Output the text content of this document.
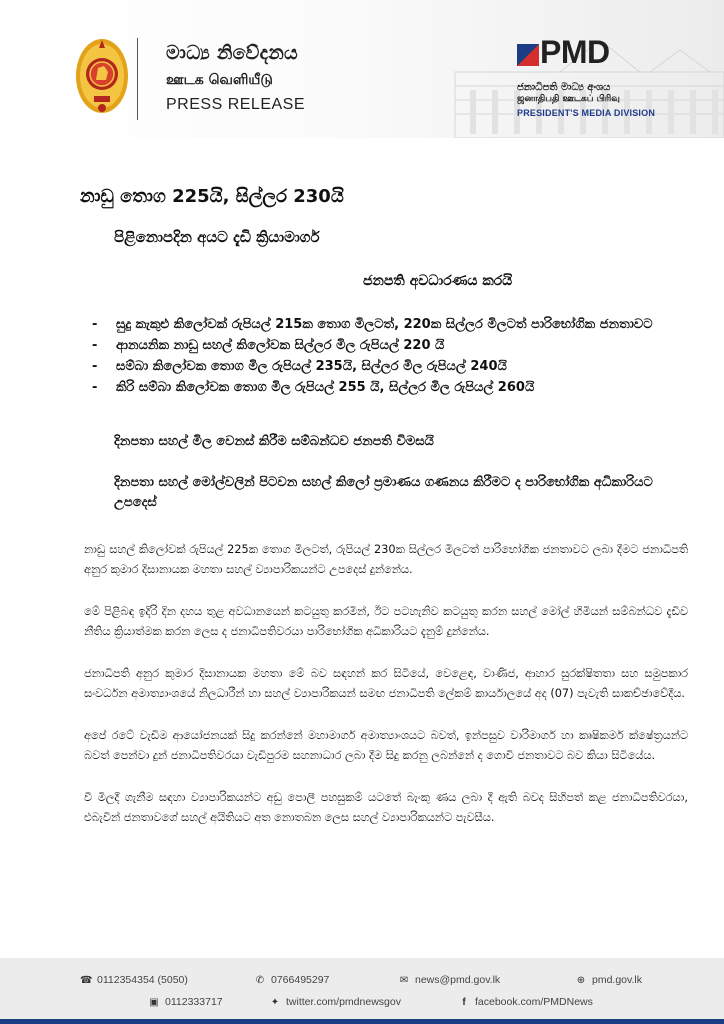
මාධ්‍ය නිවේදනය
ஊடக வெளியீடு
PRESS RELEASE
PMD
ජනාධිපති මාධ්‍ය අංශය
ஜனாதிபதி ஊடகப் பிரிவு
PRESIDENT'S MEDIA DIVISION
නාඩු තොග 225යි, සිල්ලර 230යි
පිළිනොපදින අයට දැඩි ක්‍රියාමාර්ග
ජනපති අවධාරණය කරයි
- සුදු කැකුළු කිලෝවක් රුපියල් 215ක තොග මිලටත්, 220ක සිල්ලර මිලටත් පාරිභෝගික ජනතාවට
- ආනයනික නාඩු සහල් කිලෝවක සිල්ලර මිල රුපියල් 220 යි
- සම්බා කිලෝවක තොග මිල රුපියල් 235යි, සිල්ලර මිල රුපියල් 240යි
- කිරි සම්බා කිලෝවක තොග මිල රුපියල් 255 යි, සිල්ලර මිල රුපියල් 260යි
දිනපතා සහල් මිල වෙනස් කිරීම සම්බන්ධව ජනපති විමසයි
දිනපතා සහල් මෝල්වලින් පිටවන සහල් කිලෝ ප්‍රමාණය ගණනය කිරීමට ද පාරිභෝගික අධිකාරියට උපදෙස්

නාඩු සහල් කිලෝවක් රුපියල් 225ක තොග මිලටත්, රුපියල් 230ක සිල්ලර මිලටත් පාරිභෝගික ජනතාවට ලබා දීමට ජනාධිපති අනුර කුමාර දිසානායක මහතා සහල් ව්‍යාපාරිකයන්ට උපදෙස් දුන්නේය.

මේ පිළිබඳ ඉදිරි දින දහය තුළ අවධානයෙන් කටයුතු කරමින්, ඊට පටහැනිව කටයුතු කරන සහල් මෝල් හිමියන් සම්බන්ධව දැඩිව නීතිය ක්‍රියාත්මක කරන ලෙස ද ජනාධිපතිවරයා පාරිභෝගික අධිකාරියට දැනුම් දුන්නේය.

ජනාධිපති අනුර කුමාර දිසානායක මහතා මේ බව සඳහන් කර සිටියේ, වෙළෙඳ, වාණිජ, ආහාර සුරක්ෂිතතා සහ සමුපකාර සංවර්ධන අමාත්‍යාංශයේ නිලධාරීන් හා සහල් ව්‍යාපාරිකයන් සමඟ ජනාධිපති ලේකම් කාර්යාලයේ අද (07) පැවැති සාකච්ඡාවේදීය.

අපේ රටේ වැඩිම ආයෝජනයක් සිදු කරන්නේ මහාමාර්ග අමාත්‍යාංශයට බවත්, ඉන්පසුව වාරිමාර්ග හා කෘෂිකර්ම ක්ෂේත්‍රයන්ට බවත් පෙන්වා දුන් ජනාධිපතිවරයා වැඩිපුරම සහනාධාර ලබා දීම සිදු කරනු ලබන්නේ ද ගොවි ජනතාවට බව කියා සිටියේය.

වී මිලදී ගැනීම සඳහා ව්‍යාපාරිකයන්ට අඩු පොලී පහසුකම් යටතේ බැංකු ණය ලබා දී ඇති බවද සිහිපත් කළ ජනාධිපතිවරයා, එබැවින් ජනතාවගේ සහල් අයිතියට අත නොතබන ලෙස සහල් ව්‍යාපාරිකයන්ට පැවසීය.

☎ 0112354354 (5050)	✆ 0766495297	✉ news@pmd.gov.lk	⊕ pmd.gov.lk
▣ 0112333717	✦ twitter.com/pmdnewsgov	f facebook.com/PMDNews
